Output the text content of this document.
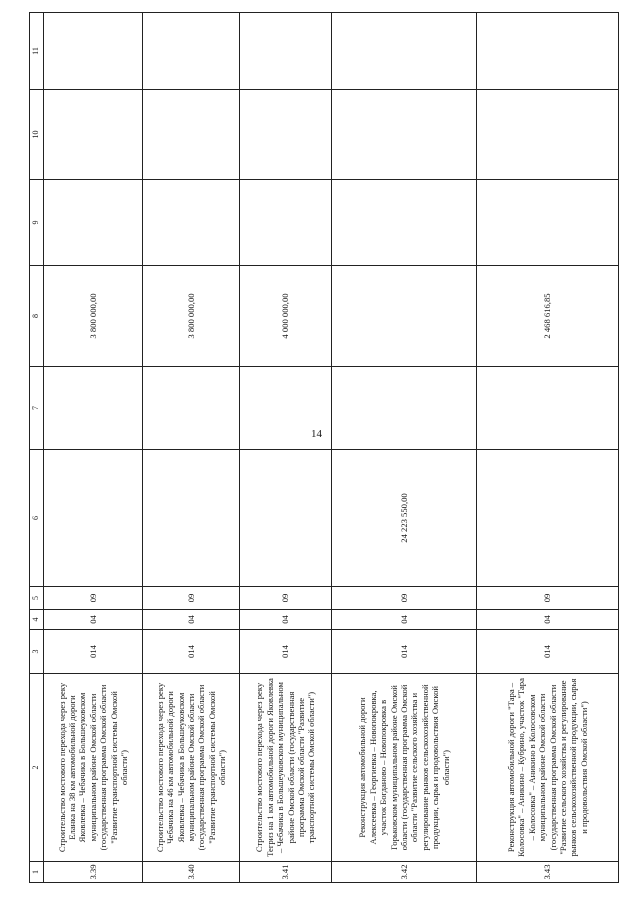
14
1	2	3	4	5	6	7	8	9	10	11
3.39	Строительство мостового перехода через реку Еланка на 38 км автомобильной дороги Яковлевка – Чебачика в Большеуковском муниципальном районе Омской области (государственная программа Омской области "Развитие транспортной системы Омской области")	014	04	09			3 800 000,00			
3.40	Строительство мостового перехода через реку Чебачика на 46 км автомобильной дороги Яковлевка – Чебачика в Большеуковском муниципальном районе Омской области (государственная программа Омской области "Развитие транспортной системы Омской области")	014	04	09			3 800 000,00			
3.41	Строительство мостового перехода через реку Тегриз на 1 км автомобильной дороги Яковлевка – Чебачика в Большеуковском муниципальном районе Омской области (государственная программа Омской области "Развитие транспортной системы Омской области")	014	04	09			4 000 000,00			
3.42	Реконструкция автомобильной дороги Алексеевка – Георгиевка – Новопокровка, участок Богданово – Новопокровка в Горьковском муниципальном районе Омской области (государственная программа Омской области "Развитие сельского хозяйства и регулирование рынков сельскохозяйственной продукции, сырья и продовольствия Омской области")	014	04	09	24 223 550,00					
3.43	Реконструкция автомобильной дороги "Тара – Колосовка" – Аникино – Кубрино, участок "Тара – Колосовка" – Аникино в Колосовском муниципальном районе Омской области (государственная программа Омской области "Развитие сельского хозяйства и регулирование рынков сельскохозяйственной продукции, сырья и продовольствия Омской области")	014	04	09			2 468 616,85			
